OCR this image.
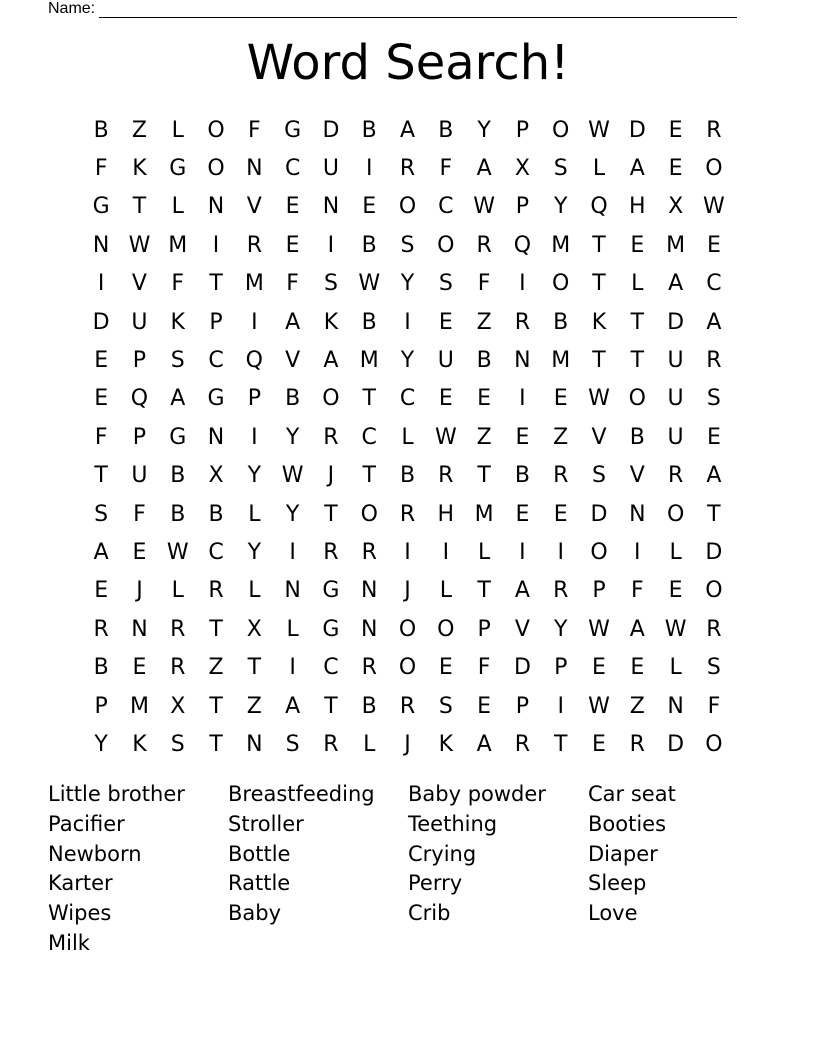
Name:
Word Search!
B	Z	L	O	F	G D	B	A	B	Y	P	O W D	E	R
F	K	G O N	C	U	I	R	F	A	X	S	L	A	E	O
G	T	L	N	V	E	N	E	O C W P	Y	Q H	X W
N W M	I	R	E	I	B	S	O R Q M	T	E M E
I	V	F	T	M	F	S W Y	S	F	I	O	T	L	A	C
D U	K	P	I	A	K	B	I	E	Z	R	B	K	T	D	A
E	P	S	C Q	V	A M	Y	U	B	N M	T	T	U	R
E	Q	A	G	P	B	O	T	C	E	E	I	E W O U	S
F	P	G N	I	Y	R	C	L W Z	E	Z	V	B	U	E
T	U	B	X	Y W	J	T	B	R	T	B	R	S	V	R	A
S	F	B	B	L	Y	T	O R	H M E	E	D N O	T
A	E W C	Y	I	R	R	I	I	L	I	I	O	I	L	D
E	J	L	R	L	N G N	J	L	T	A	R	P	F	E	O
R	N	R	T	X	L	G N O O	P	V	Y W A W R
B	E	R	Z	T	I	C	R O	E	F	D	P	E	E	L	S
P	M X	T	Z	A	T	B	R	S	E	P	I	W Z	N	F
Y	K	S	T	N	S	R	L	J	K	A	R	T	E	R	D O
Little brother	Breastfeeding	Baby powder	Car seat
Pacifier	Stroller	Teething	Booties
Newborn	Bottle	Crying	Diaper
Karter	Rattle	Perry	Sleep
Wipes	Baby	Crib	Love
Milk
